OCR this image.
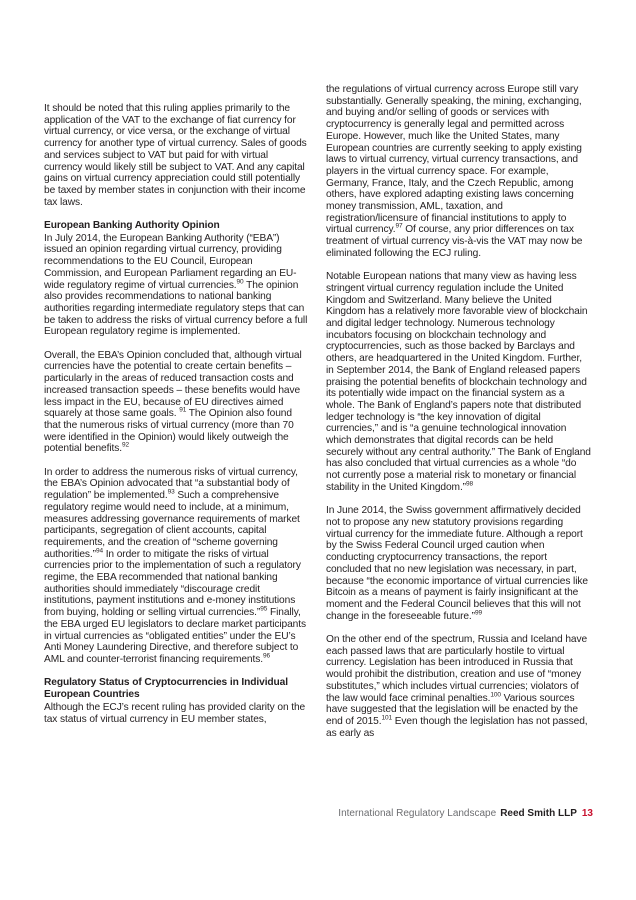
It should be noted that this ruling applies primarily to the application of the VAT to the exchange of fiat currency for virtual currency, or vice versa, or the exchange of virtual currency for another type of virtual currency. Sales of goods and services subject to VAT but paid for with virtual currency would likely still be subject to VAT. And any capital gains on virtual currency appreciation could still potentially be taxed by member states in conjunction with their income tax laws.

European Banking Authority Opinion

In July 2014, the European Banking Authority (“EBA”) issued an opinion regarding virtual currency, providing recommendations to the EU Council, European Commission, and European Parliament regarding an EU-wide regulatory regime of virtual currencies.$^{90}$ The opinion also provides recommendations to national banking authorities regarding intermediate regulatory steps that can be taken to address the risks of virtual currency before a full European regulatory regime is implemented.

Overall, the EBA’s Opinion concluded that, although virtual currencies have the potential to create certain benefits –particularly in the areas of reduced transaction costs and increased transaction speeds – these benefits would have less impact in the EU, because of EU directives aimed squarely at those same goals. $^{91}$ The Opinion also found that the numerous risks of virtual currency (more than 70 were identified in the Opinion) would likely outweigh the potential benefits.$^{92}$

In order to address the numerous risks of virtual currency, the EBA’s Opinion advocated that “a substantial body of regulation” be implemented.$^{93}$ Such a comprehensive regulatory regime would need to include, at a minimum, measures addressing governance requirements of market participants, segregation of client accounts, capital requirements, and the creation of “scheme governing authorities.”$^{94}$ In order to mitigate the risks of virtual currencies prior to the implementation of such a regulatory regime, the EBA recommended that national banking authorities should immediately “discourage credit institutions, payment institutions and e-money institutions from buying, holding or selling virtual currencies.”$^{95}$ Finally, the EBA urged EU legislators to declare market participants in virtual currencies as “obligated entities” under the EU’s Anti Money Laundering Directive, and therefore subject to AML and counter-terrorist financing requirements.$^{96}$

Regulatory Status of Cryptocurrencies in Individual European Countries

Although the ECJ’s recent ruling has provided clarity on the tax status of virtual currency in EU member states,

the regulations of virtual currency across Europe still vary substantially. Generally speaking, the mining, exchanging, and buying and/or selling of goods or services with cryptocurrency is generally legal and permitted across Europe. However, much like the United States, many European countries are currently seeking to apply existing laws to virtual currency, virtual currency transactions, and players in the virtual currency space. For example, Germany, France, Italy, and the Czech Republic, among others, have explored adapting existing laws concerning money transmission, AML, taxation, and registration/licensure of financial institutions to apply to virtual currency.$^{97}$ Of course, any prior differences on tax treatment of virtual currency vis-à-vis the VAT may now be eliminated following the ECJ ruling.

Notable European nations that many view as having less stringent virtual currency regulation include the United Kingdom and Switzerland. Many believe the United Kingdom has a relatively more favorable view of blockchain and digital ledger technology. Numerous technology incubators focusing on blockchain technology and cryptocurrencies, such as those backed by Barclays and others, are headquartered in the United Kingdom. Further, in September 2014, the Bank of England released papers praising the potential benefits of blockchain technology and its potentially wide impact on the financial system as a whole. The Bank of England’s papers note that distributed ledger technology is “the key innovation of digital currencies,” and is “a genuine technological innovation which demonstrates that digital records can be held securely without any central authority.” The Bank of England has also concluded that virtual currencies as a whole “do not currently pose a material risk to monetary or financial stability in the United Kingdom.”$^{98}$

In June 2014, the Swiss government affirmatively decided not to propose any new statutory provisions regarding virtual currency for the immediate future. Although a report by the Swiss Federal Council urged caution when conducting cryptocurrency transactions, the report concluded that no new legislation was necessary, in part, because “the economic importance of virtual currencies like Bitcoin as a means of payment is fairly insignificant at the moment and the Federal Council believes that this will not change in the foreseeable future.”$^{99}$

On the other end of the spectrum, Russia and Iceland have each passed laws that are particularly hostile to virtual currency. Legislation has been introduced in Russia that would prohibit the distribution, creation and use of “money substitutes,” which includes virtual currencies; violators of the law would face criminal penalties.$^{100}$ Various sources have suggested that the legislation will be enacted by the end of 2015.$^{101}$ Even though the legislation has not passed, as early as

International Regulatory Landscape Reed Smith LLP 13
